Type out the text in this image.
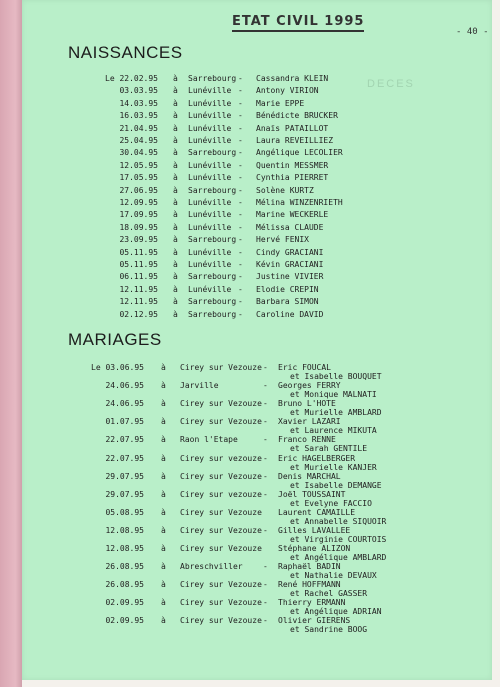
ETAT CIVIL 1995
- 40 -
DECES
NAISSANCES
Le 22.02.95 à Sarrebourg - Cassandra KLEIN
03.03.95 à Lunéville - Antony VIRION
14.03.95 à Lunéville - Marie EPPE
16.03.95 à Lunéville - Bénédicte BRUCKER
21.04.95 à Lunéville - Anaïs PATAILLOT
25.04.95 à Lunéville - Laura REVEILLIEZ
30.04.95 à Sarrebourg - Angélique LECOLIER
12.05.95 à Lunéville - Quentin MESSMER
17.05.95 à Lunéville - Cynthia PIERRET
27.06.95 à Sarrebourg - Solène KURTZ
12.09.95 à Lunéville - Mélina WINZENRIETH
17.09.95 à Lunéville - Marine WECKERLE
18.09.95 à Lunéville - Mélissa CLAUDE
23.09.95 à Sarrebourg - Hervé FENIX
05.11.95 à Lunéville - Cindy GRACIANI
05.11.95 à Lunéville - Kévin GRACIANI
06.11.95 à Sarrebourg - Justine VIVIER
12.11.95 à Lunéville - Elodie CREPIN
12.11.95 à Sarrebourg - Barbara SIMON
02.12.95 à Sarrebourg - Caroline DAVID
MARIAGES
Le 03.06.95 à Cirey sur Vezouze - Eric FOUCAL
et Isabelle BOUQUET
24.06.95 à Jarville	- Georges FERRY
et Monique MALNATI
24.06.95 à Cirey sur Vezouze - Bruno L'HOTE
et Murielle AMBLARD
01.07.95 à Cirey sur Vezouze - Xavier LAZARI
et Laurence MIKUTA
22.07.95 à Raon l'Etape	- Franco RENNE
et Sarah GENTILE
22.07.95 à Cirey sur vezouze - Eric HAGELBERGER
et Murielle KANJER
29.07.95 à Cirey sur Vezouze - Denis MARCHAL
et Isabelle DEMANGE
29.07.95 à Cirey sur vezouze - Joël TOUSSAINT
et Evelyne FACCIO
05.08.95 à Cirey sur Vezouze Laurent CAMAILLE
et Annabelle SIQUOIR
12.08.95 à Cirey sur Vezouze - Gilles LAVALLEE
et Virginie COURTOIS
12.08.95 à Cirey sur Vezouze Stéphane ALIZON
et Angélique AMBLARD
26.08.95 à Abreschviller	- Raphaël BADIN
et Nathalie DEVAUX
26.08.95 à Cirey sur Vezouze - René HOFFMANN
et Rachel GASSER
02.09.95 à Cirey sur Vezouze - Thierry ERMANN
et Angélique ADRIAN
02.09.95 à Cirey sur Vezouze - Olivier GIERENS
et Sandrine BOOG
